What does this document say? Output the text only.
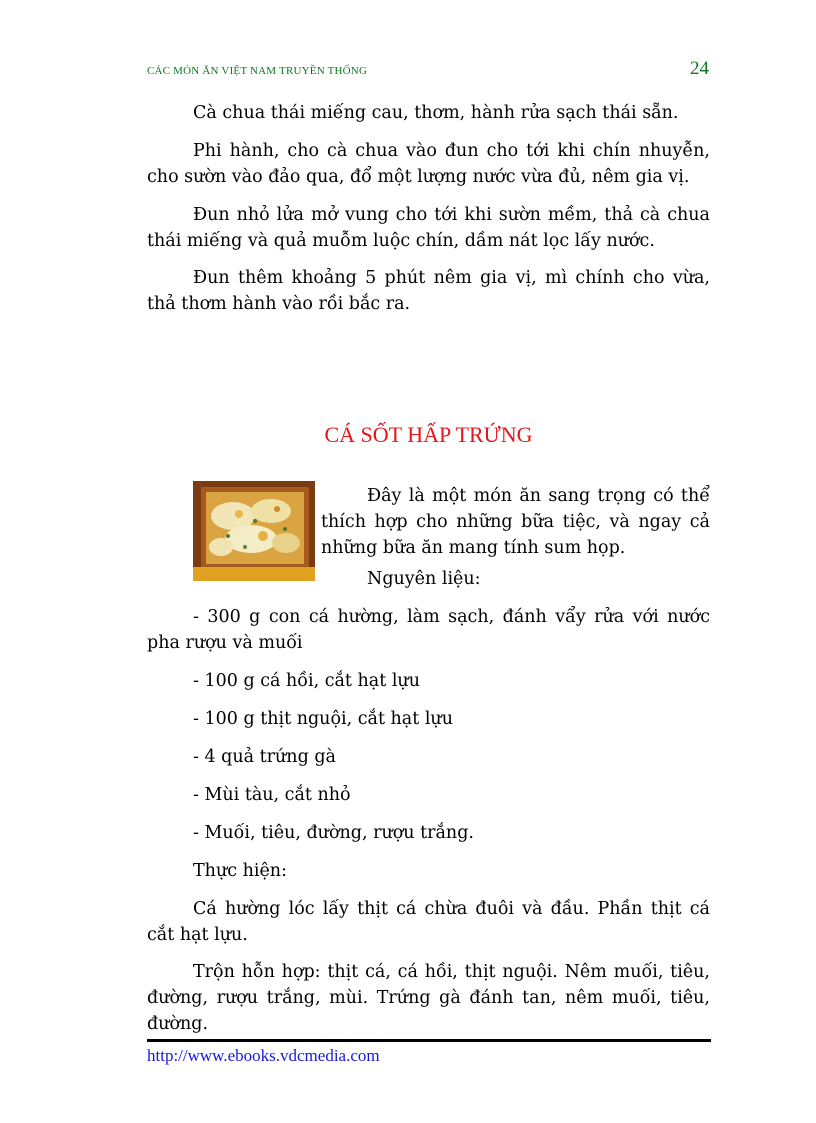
CÁC MÓN ĂN VIỆT NAM TRUYỀN THỐNG	24

Cà chua thái miếng cau, thơm, hành rửa sạch thái sẵn.

Phi hành, cho cà chua vào đun cho tới khi chín nhuyễn, cho sườn vào đảo qua, đổ một lượng nước vừa đủ, nêm gia vị.

Đun nhỏ lửa mở vung cho tới khi sườn mềm, thả cà chua thái miếng và quả muỗm luộc chín, dầm nát lọc lấy nước.

Đun thêm khoảng 5 phút nêm gia vị, mì chính cho vừa, thả thơm hành vào rồi bắc ra.

CÁ SỐT HẤP TRỨNG

Đây là một món ăn sang trọng có thể thích hợp cho những bữa tiệc, và ngay cả những bữa ăn mang tính sum họp.

Nguyên liệu:

- 300 g con cá hường, làm sạch, đánh vẩy rửa với nước pha rượu và muối

- 100 g cá hồi, cắt hạt lựu

- 100 g thịt nguội, cắt hạt lựu

- 4 quả trứng gà

- Mùi tàu, cắt nhỏ

- Muối, tiêu, đường, rượu trắng.

Thực hiện:

Cá hường lóc lấy thịt cá chừa đuôi và đầu. Phần thịt cá cắt hạt lựu.

Trộn hỗn hợp: thịt cá, cá hồi, thịt nguội. Nêm muối, tiêu, đường, rượu trắng, mùi. Trứng gà đánh tan, nêm muối, tiêu, đường.

http://www.ebooks.vdcmedia.com
